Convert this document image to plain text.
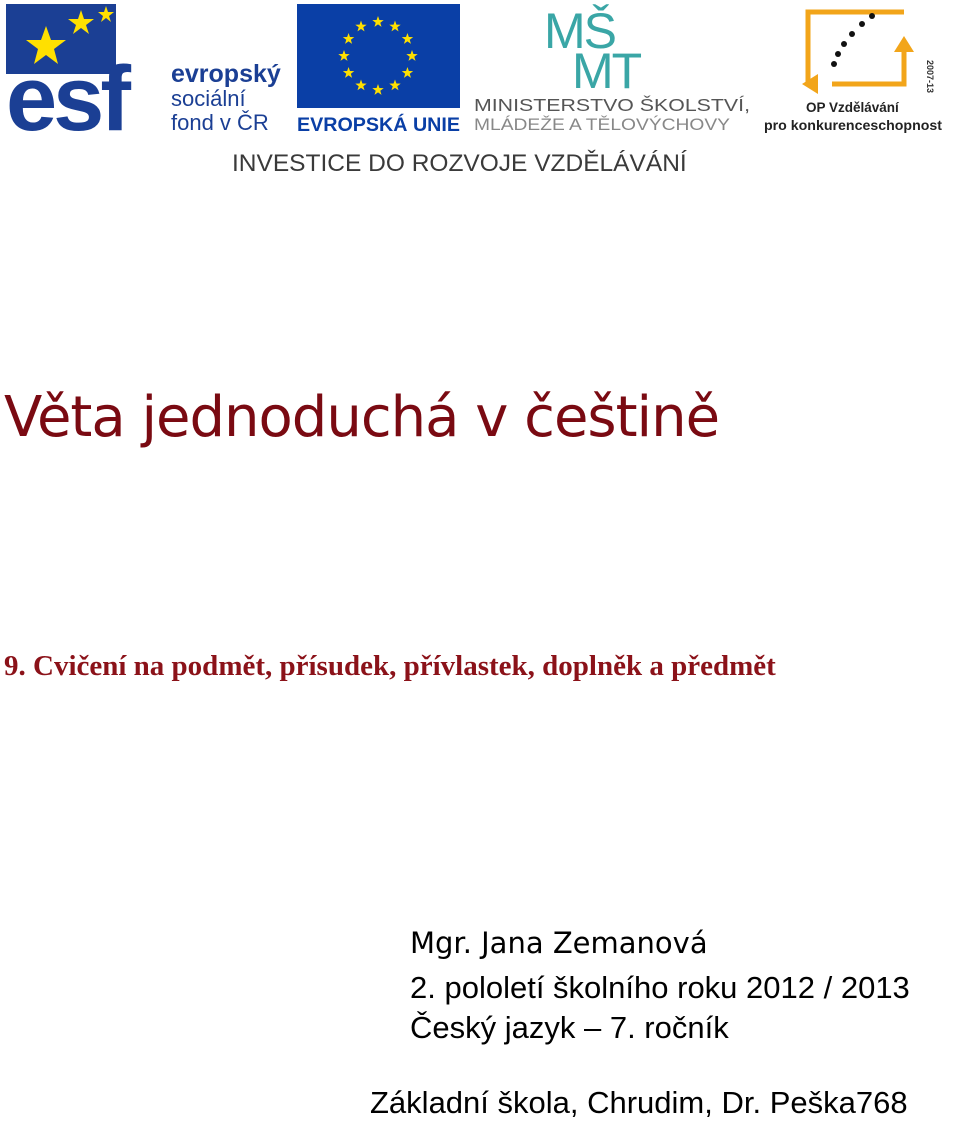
esf evropský
sociální
fond v ČR EVROPSKÁ UNIE
MŠ
MT
MINISTERSTVO ŠKOLSTVÍ,
MLÁDEŽE A TĚLOVÝCHOVY
2007-13
OP Vzdělávání
pro konkurenceschopnost
INVESTICE DO ROZVOJE VZDĚLÁVÁNÍ
Věta jednoduchá v češtině
9. Cvičení na podmět, přísudek, přívlastek, doplněk a předmět
Mgr. Jana Zemanová
2. pololetí školního roku 2012 / 2013
Český jazyk – 7. ročník
Základní škola, Chrudim, Dr. Peška768
